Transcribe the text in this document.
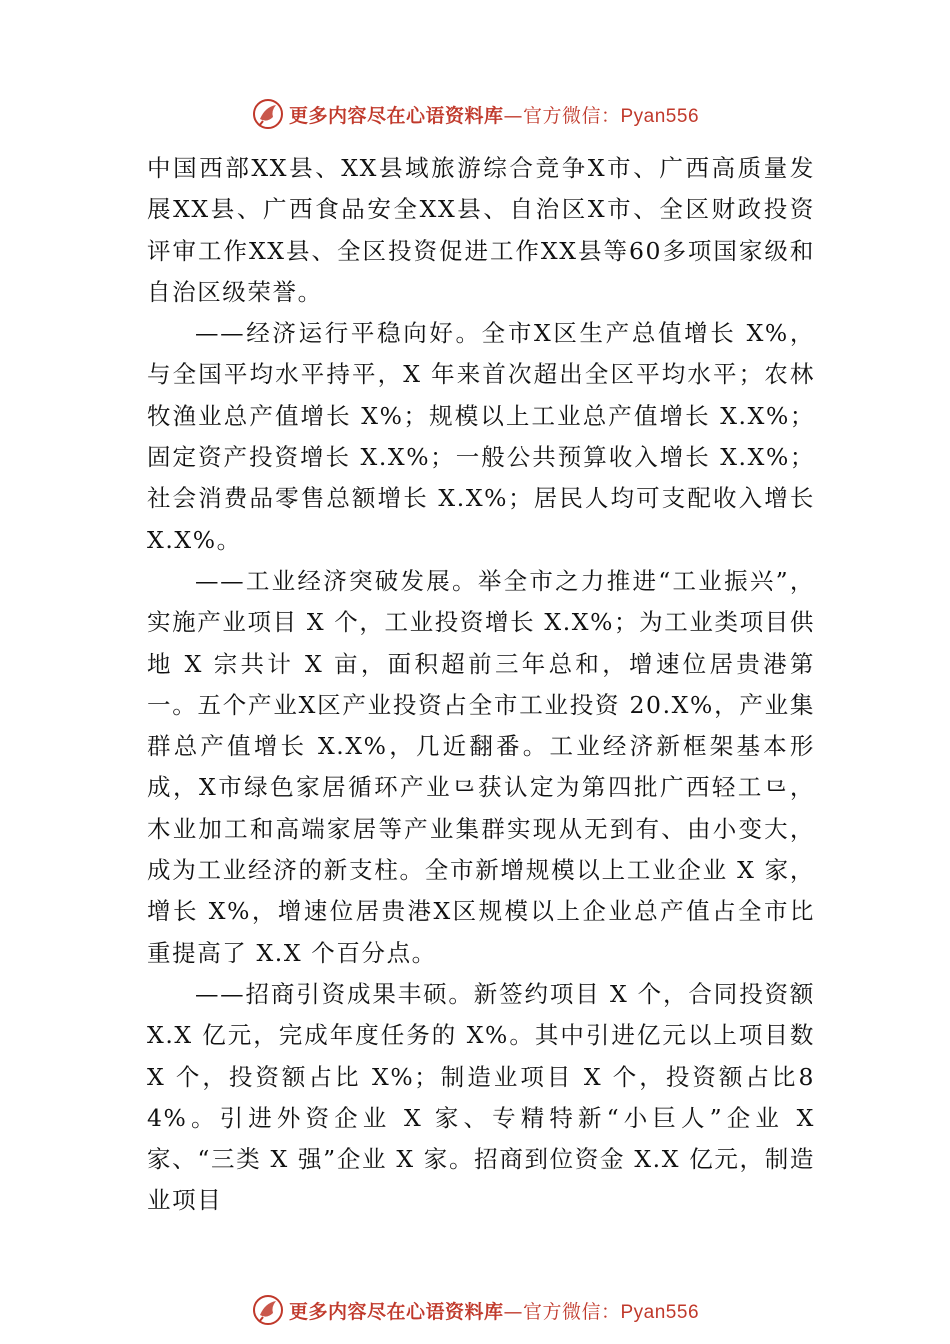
更多内容尽在心语资料库—官方微信：Pyan556

中国西部XX县、XX县域旅游综合竞争X市、广西高质量发展XX县、广西食品安全XX县、自治区X市、全区财政投资评审工作XX县、全区投资促进工作XX县等60多项国家级和自治区级荣誉。

——经济运行平稳向好。全市X区生产总值增长 X%，与全国平均水平持平，X 年来首次超出全区平均水平；农林牧渔业总产值增长 X%；规模以上工业总产值增长 X.X%；固定资产投资增长 X.X%；一般公共预算收入增长 X.X%；社会消费品零售总额增长 X.X%；居民人均可支配收入增长 X.X%。

——工业经济突破发展。举全市之力推进“工业振兴”，实施产业项目 X 个，工业投资增长 X.X%；为工业类项目供地 X 宗共计 X 亩，面积超前三年总和，增速位居贵港第一。五个产业X区产业投资占全市工业投资 20.X%，产业集群总产值增长 X.X%，几近翻番。工业经济新框架基本形成，X市绿色家居循环产业⺋获认定为第四批广西轻工⺋，木业加工和高端家居等产业集群实现从无到有、由小变大，成为工业经济的新支柱。全市新增规模以上工业企业 X 家，增长 X%，增速位居贵港X区规模以上企业总产值占全市比重提高了 X.X 个百分点。

——招商引资成果丰硕。新签约项目 X 个，合同投资额 X.X 亿元，完成年度任务的 X%。其中引进亿元以上项目数 X 个，投资额占比 X%；制造业项目 X 个，投资额占比84%。引进外资企业 X 家、专精特新“小巨人”企业 X 家、“三类 X 强”企业 X 家。招商到位资金 X.X 亿元，制造业项目

更多内容尽在心语资料库—官方微信：Pyan556
